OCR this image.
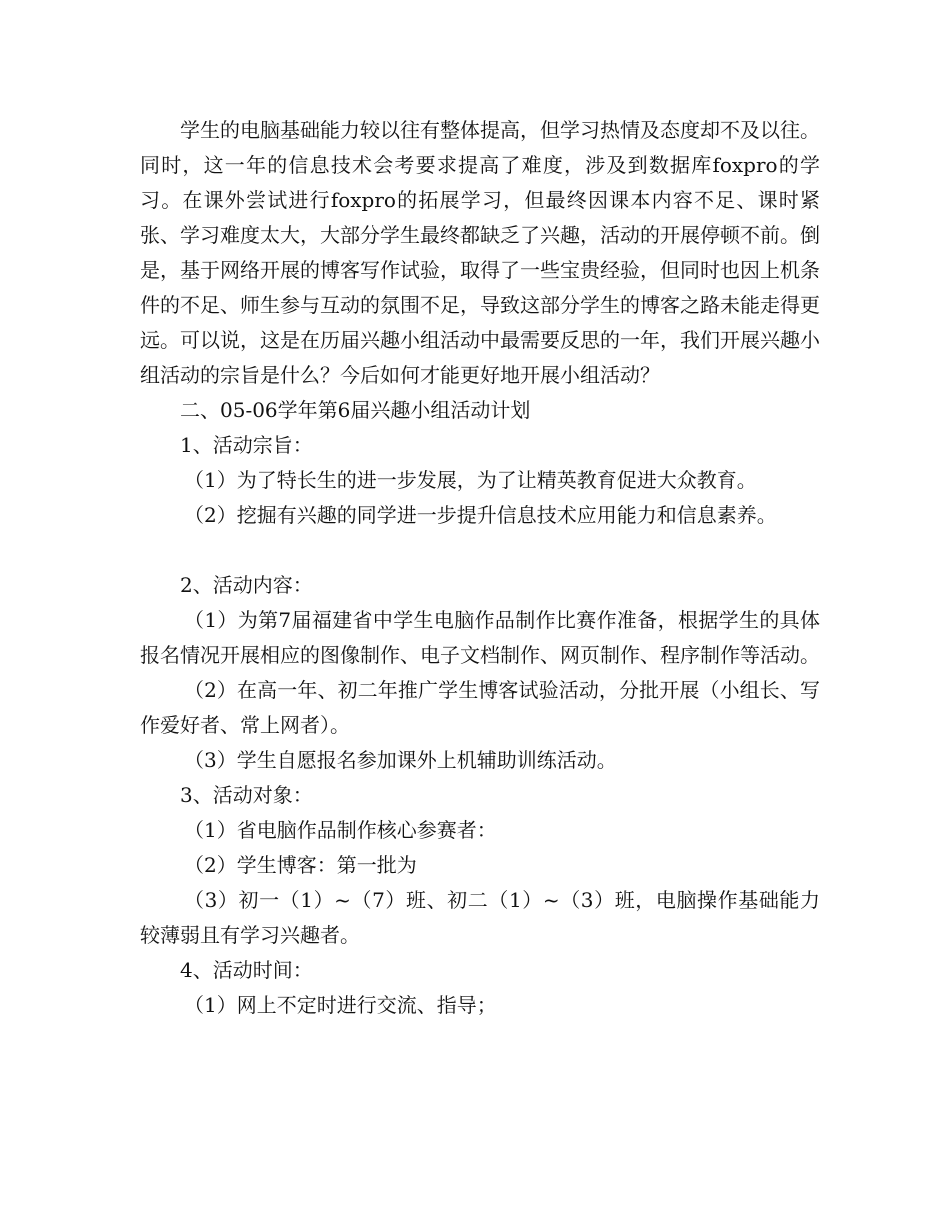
学生的电脑基础能力较以往有整体提高，但学习热情及态度却不及以往。同时，这一年的信息技术会考要求提高了难度，涉及到数据库foxpro的学习。在课外尝试进行foxpro的拓展学习，但最终因课本内容不足、课时紧张、学习难度太大，大部分学生最终都缺乏了兴趣，活动的开展停顿不前。倒是，基于网络开展的博客写作试验，取得了一些宝贵经验，但同时也因上机条件的不足、师生参与互动的氛围不足，导致这部分学生的博客之路未能走得更远。可以说，这是在历届兴趣小组活动中最需要反思的一年，我们开展兴趣小组活动的宗旨是什么？今后如何才能更好地开展小组活动？

二、05-06学年第6届兴趣小组活动计划

1、活动宗旨：

（1）为了特长生的进一步发展，为了让精英教育促进大众教育。

（2）挖掘有兴趣的同学进一步提升信息技术应用能力和信息素养。

2、活动内容：

（1）为第7届福建省中学生电脑作品制作比赛作准备，根据学生的具体报名情况开展相应的图像制作、电子文档制作、网页制作、程序制作等活动。

（2）在高一年、初二年推广学生博客试验活动，分批开展（小组长、写作爱好者、常上网者）。

（3）学生自愿报名参加课外上机辅助训练活动。

3、活动对象：

（1）省电脑作品制作核心参赛者：

（2）学生博客：第一批为

（3）初一（1）~（7）班、初二（1）~（3）班，电脑操作基础能力较薄弱且有学习兴趣者。

4、活动时间：

（1）网上不定时进行交流、指导；
